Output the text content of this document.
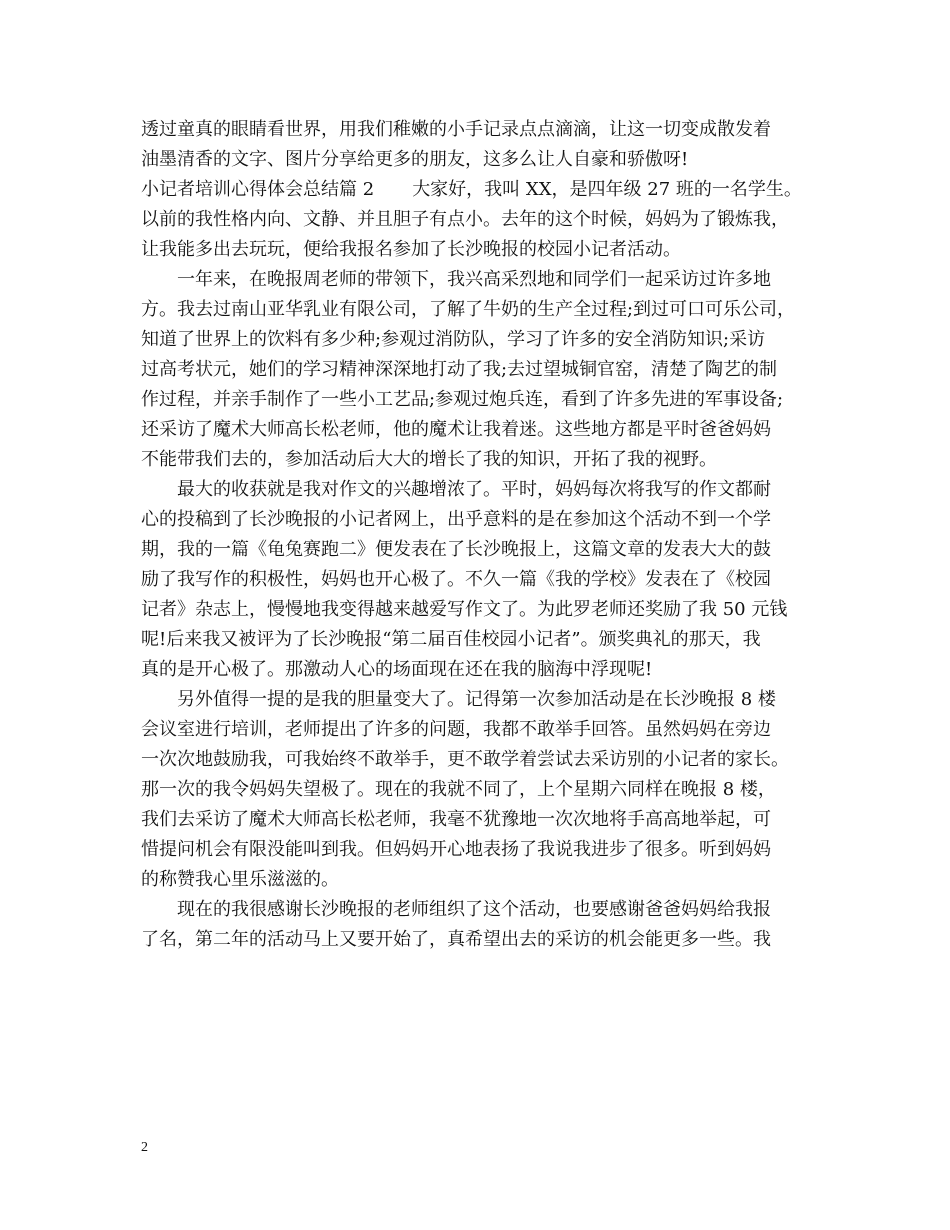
透过童真的眼睛看世界，用我们稚嫩的小手记录点点滴滴，让这一切变成散发着
油墨清香的文字、图片分享给更多的朋友，这多么让人自豪和骄傲呀!
小记者培训心得体会总结篇 2 大家好，我叫 XX，是四年级 27 班的一名学生。
以前的我性格内向、文静、并且胆子有点小。去年的这个时候，妈妈为了锻炼我，
让我能多出去玩玩，便给我报名参加了长沙晚报的校园小记者活动。
一年来，在晚报周老师的带领下，我兴高采烈地和同学们一起采访过许多地
方。我去过南山亚华乳业有限公司，了解了牛奶的生产全过程;到过可口可乐公司，
知道了世界上的饮料有多少种;参观过消防队，学习了许多的安全消防知识;采访
过高考状元，她们的学习精神深深地打动了我;去过望城铜官窑，清楚了陶艺的制
作过程，并亲手制作了一些小工艺品;参观过炮兵连，看到了许多先进的军事设备;
还采访了魔术大师高长松老师，他的魔术让我着迷。这些地方都是平时爸爸妈妈
不能带我们去的，参加活动后大大的增长了我的知识，开拓了我的视野。
最大的收获就是我对作文的兴趣增浓了。平时，妈妈每次将我写的作文都耐
心的投稿到了长沙晚报的小记者网上，出乎意料的是在参加这个活动不到一个学
期，我的一篇《龟兔赛跑二》便发表在了长沙晚报上，这篇文章的发表大大的鼓
励了我写作的积极性，妈妈也开心极了。不久一篇《我的学校》发表在了《校园
记者》杂志上，慢慢地我变得越来越爱写作文了。为此罗老师还奖励了我 50 元钱
呢!后来我又被评为了长沙晚报“第二届百佳校园小记者”。颁奖典礼的那天，我
真的是开心极了。那激动人心的场面现在还在我的脑海中浮现呢!
另外值得一提的是我的胆量变大了。记得第一次参加活动是在长沙晚报 8 楼
会议室进行培训，老师提出了许多的问题，我都不敢举手回答。虽然妈妈在旁边
一次次地鼓励我，可我始终不敢举手，更不敢学着尝试去采访别的小记者的家长。
那一次的我令妈妈失望极了。现在的我就不同了，上个星期六同样在晚报 8 楼，
我们去采访了魔术大师高长松老师，我毫不犹豫地一次次地将手高高地举起，可
惜提问机会有限没能叫到我。但妈妈开心地表扬了我说我进步了很多。听到妈妈
的称赞我心里乐滋滋的。
现在的我很感谢长沙晚报的老师组织了这个活动，也要感谢爸爸妈妈给我报
了名，第二年的活动马上又要开始了，真希望出去的采访的机会能更多一些。我
2
